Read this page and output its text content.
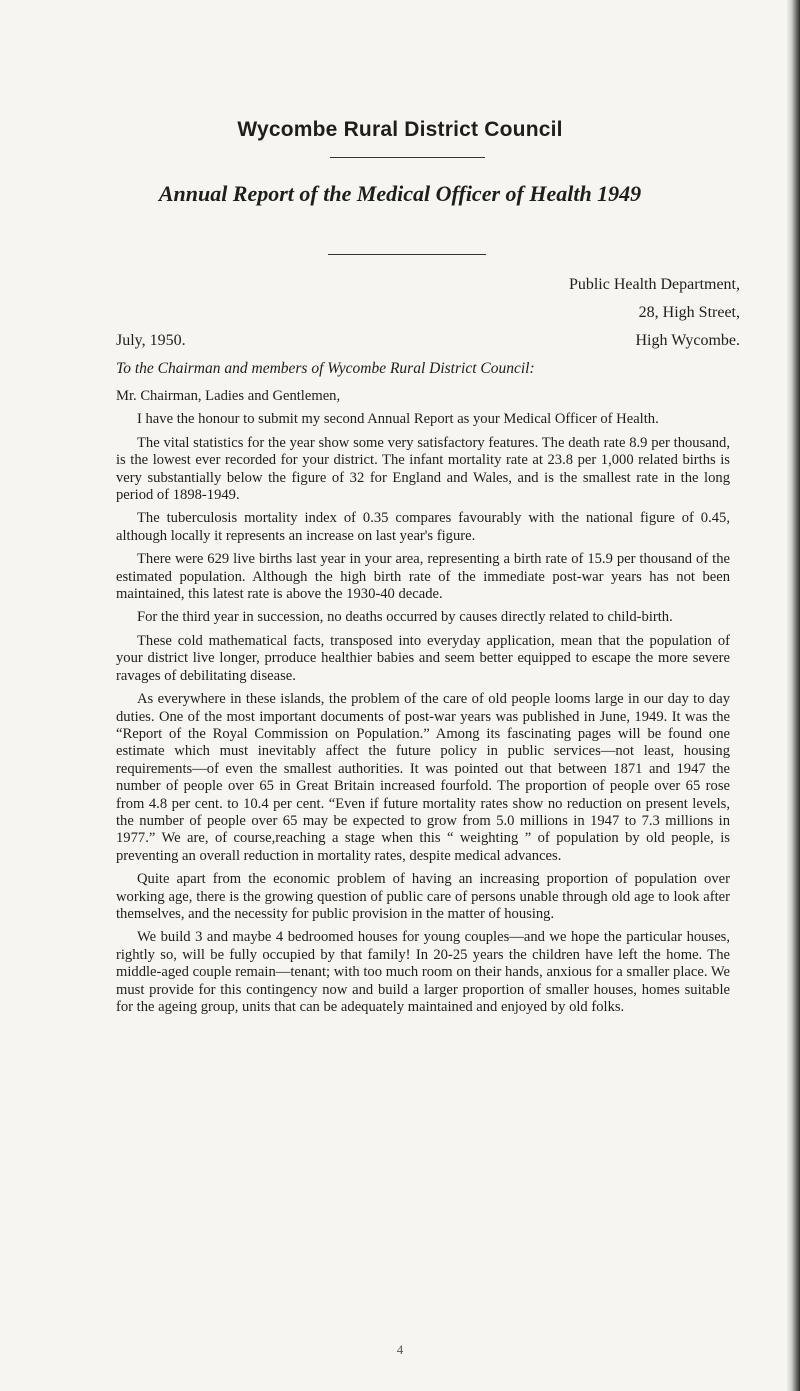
Wycombe Rural District Council
Annual Report of the Medical Officer of Health 1949
Public Health Department,
28, High Street,
High Wycombe.
July, 1950.
To the Chairman and members of Wycombe Rural District Council:

Mr. Chairman, Ladies and Gentlemen,

I have the honour to submit my second Annual Report as your Medical Officer of Health.

The vital statistics for the year show some very satisfactory features. The death rate 8.9 per thousand, is the lowest ever recorded for your district. The infant mortality rate at 23.8 per 1,000 related births is very substantially below the figure of 32 for England and Wales, and is the smallest rate in the long period of 1898-1949.

The tuberculosis mortality index of 0.35 compares favourably with the national figure of 0.45, although locally it represents an increase on last year's figure.

There were 629 live births last year in your area, representing a birth rate of 15.9 per thousand of the estimated population. Although the high birth rate of the immediate post-war years has not been maintained, this latest rate is above the 1930-40 decade.

For the third year in succession, no deaths occurred by causes directly related to child-birth.

These cold mathematical facts, transposed into everyday application, mean that the population of your district live longer, prroduce healthier babies and seem better equipped to escape the more severe ravages of debilitating disease.

As everywhere in these islands, the problem of the care of old people looms large in our day to day duties. One of the most important documents of post-war years was published in June, 1949. It was the “Report of the Royal Commission on Population.” Among its fascinating pages will be found one estimate which must inevitably affect the future policy in public services—not least, housing requirements—of even the smallest authorities. It was pointed out that between 1871 and 1947 the number of people over 65 in Great Britain increased fourfold. The proportion of people over 65 rose from 4.8 per cent. to 10.4 per cent. “Even if future mortality rates show no reduction on present levels, the number of people over 65 may be expected to grow from 5.0 millions in 1947 to 7.3 millions in 1977.” We are, of course,reaching a stage when this “ weighting ” of population by old people, is preventing an overall reduction in mortality rates, despite medical advances.

Quite apart from the economic problem of having an increasing proportion of population over working age, there is the growing question of public care of persons unable through old age to look after themselves, and the necessity for public provision in the matter of housing.

We build 3 and maybe 4 bedroomed houses for young couples—and we hope the particular houses, rightly so, will be fully occupied by that family! In 20-25 years the children have left the home. The middle-aged couple remain—tenant; with too much room on their hands, anxious for a smaller place. We must provide for this contingency now and build a larger proportion of smaller houses, homes suitable for the ageing group, units that can be adequately maintained and enjoyed by old folks.

4
